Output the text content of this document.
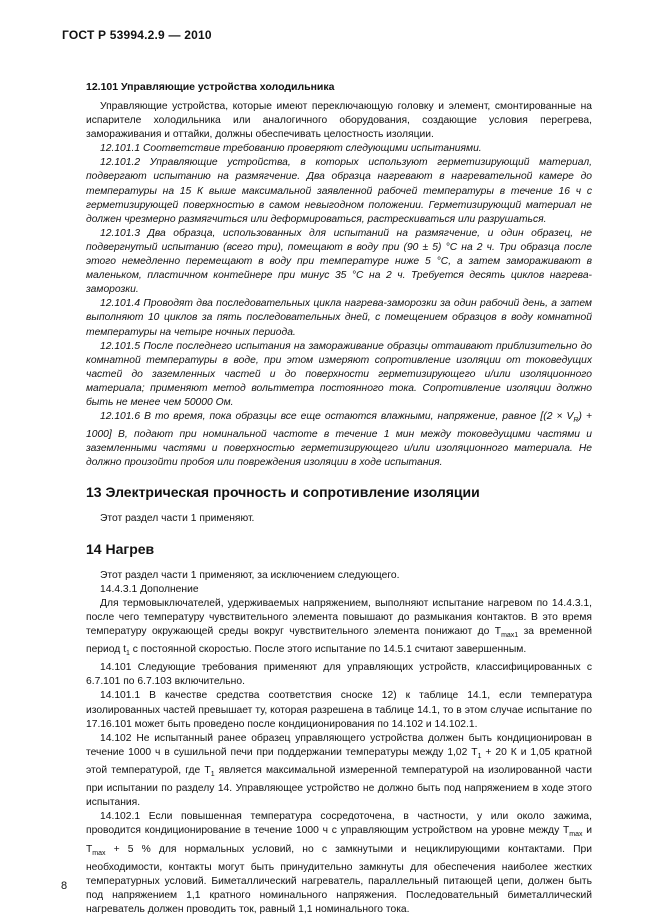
ГОСТ Р 53994.2.9 — 2010

12.101 Управляющие устройства холодильника

Управляющие устройства, которые имеют переключающую головку и элемент, смонтированные на испарителе холодильника или аналогичного оборудования, создающие условия перегрева, замораживания и оттайки, должны обеспечивать целостность изоляции.

12.101.1 Соответствие требованию проверяют следующими испытаниями.

12.101.2 Управляющие устройства, в которых используют герметизирующий материал, подвергают испытанию на размягчение. Два образца нагревают в нагревательной камере до температуры на 15 К выше максимальной заявленной рабочей температуры в течение 16 ч с герметизирующей поверхностью в самом невыгодном положении. Герметизирующий материал не должен чрезмерно размягчиться или деформироваться, растрескиваться или разрушаться.

12.101.3 Два образца, использованных для испытаний на размягчение, и один образец, не подвергнутый испытанию (всего три), помещают в воду при (90 ± 5) °С на 2 ч. Три образца после этого немедленно перемещают в воду при температуре ниже 5 °С, а затем замораживают в маленьком, пластичном контейнере при минус 35 °С на 2 ч. Требуется десять циклов нагрева-заморозки.

12.101.4 Проводят два последовательных цикла нагрева-заморозки за один рабочий день, а затем выполняют 10 циклов за пять последовательных дней, с помещением образцов в воду комнатной температуры на четыре ночных периода.

12.101.5 После последнего испытания на замораживание образцы оттаивают приблизительно до комнатной температуры в воде, при этом измеряют сопротивление изоляции от токоведущих частей до заземленных частей и до поверхности герметизирующего и/или изоляционного материала; применяют метод вольтметра постоянного тока. Сопротивление изоляции должно быть не менее чем 50000 Ом.

12.101.6 В то время, пока образцы все еще остаются влажными, напряжение, равное $[(2 \times V_R) + 1000]$ В, подают при номинальной частоте в течение 1 мин между токоведущими частями и заземленными частями и поверхностью герметизирующего и/или изоляционного материала. Не должно произойти пробоя или повреждения изоляции в ходе испытания.

13 Электрическая прочность и сопротивление изоляции

Этот раздел части 1 применяют.

14 Нагрев

Этот раздел части 1 применяют, за исключением следующего.

14.4.3.1 Дополнение

Для термовыключателей, удерживаемых напряжением, выполняют испытание нагревом по 14.4.3.1, после чего температуру чувствительного элемента повышают до размыкания контактов. В это время температуру окружающей среды вокруг чувствительного элемента понижают до $T_{max1}$ за временной период $t_1$ с постоянной скоростью. После этого испытание по 14.5.1 считают завершенным.

14.101 Следующие требования применяют для управляющих устройств, классифицированных с 6.7.101 по 6.7.103 включительно.

14.101.1 В качестве средства соответствия сноске 12) к таблице 14.1, если температура изолированных частей превышает ту, которая разрешена в таблице 14.1, то в этом случае испытание по 17.16.101 может быть проведено после кондиционирования по 14.102 и 14.102.1.

14.102 Не испытанный ранее образец управляющего устройства должен быть кондиционирован в течение 1000 ч в сушильной печи при поддержании температуры между 1,02 $T_1 + 20$ К и 1,05 кратной этой температурой, где $T_1$ является максимальной измеренной температурой на изолированной части при испытании по разделу 14. Управляющее устройство не должно быть под напряжением в ходе этого испытания.

14.102.1 Если повышенная температура сосредоточена, в частности, у или около зажима, проводится кондиционирование в течение 1000 ч с управляющим устройством на уровне между $T_{max}$ и $T_{max} + 5$ % для нормальных условий, но с замкнутыми и нециклирующими контактами. При необходимости, контакты могут быть принудительно замкнуты для обеспечения наиболее жестких температурных условий. Биметаллический нагреватель, параллельный питающей цепи, должен быть под напряжением 1,1 кратного номинального напряжения. Последовательный биметаллический нагреватель должен проводить ток, равный 1,1 номинального тока.

8
